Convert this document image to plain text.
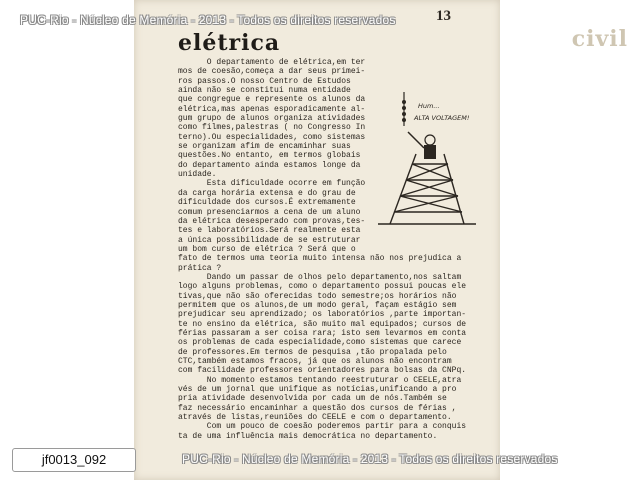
civil
13
elétrica
O departamento de elétrica,em ter
mos de coesão,começa a dar seus primei-
ros passos.O nosso Centro de Estudos
ainda não se constitui numa entidade
que congregue e represente os alunos da
elétrica,mas apenas esporadicamente al-
gum grupo de alunos organiza atividades
como filmes,palestras ( no Congresso In
terno).Ou especialidades, como sistemas
se organizam afim de encaminhar suas
questões.No entanto, em termos globais
do departamento ainda estamos longe da
unidade.
Esta dificuldade ocorre em função
da carga horária extensa e do grau de
dificuldade dos cursos.É extremamente
comum presenciarmos a cena de um aluno
da elétrica desesperado com provas,tes-
tes e laboratórios.Será realmente esta
a única possibilidade de se estruturar
um bom curso de elétrica ? Será que o
fato de termos uma teoria muito intensa não nos prejudica a
prática ?
Dando um passar de olhos pelo departamento,nos saltam
logo alguns problemas, como o departamento possui poucas ele
tivas,que não são oferecidas todo semestre;os horários não
permitem que os alunos,de um modo geral, façam estágio sem
prejudicar seu aprendizado; os laboratórios ,parte importan-
te no ensino da elétrica, são muito mal equipados; cursos de
férias passaram a ser coisa rara; isto sem levarmos em conta
os problemas de cada especialidade,como sistemas que carece
de professores.Em termos de pesquisa ,tão propalada pelo
CTC,também estamos fracos, já que os alunos não encontram
com facilidade professores orientadores para bolsas da CNPq.
No momento estamos tentando reestruturar o CEELE,atra
vés de um jornal que unifique as notícias,unificando a pro
pria atividade desenvolvida por cada um de nós.Também se
faz necessário encaminhar a questão dos cursos de férias ,
através de listas,reuniões do CEELE e com o departamento.
Com um pouco de coesão poderemos partir para a conquis
ta de uma influência mais democrática no departamento.
Hum...
ALTA VOLTAGEM!
PUC-Rio - Núcleo de Memória - 2013 - Todos os direitos reservados
PUC-Rio - Núcleo de Memória - 2013 - Todos os direitos reservados
jf0013_092
